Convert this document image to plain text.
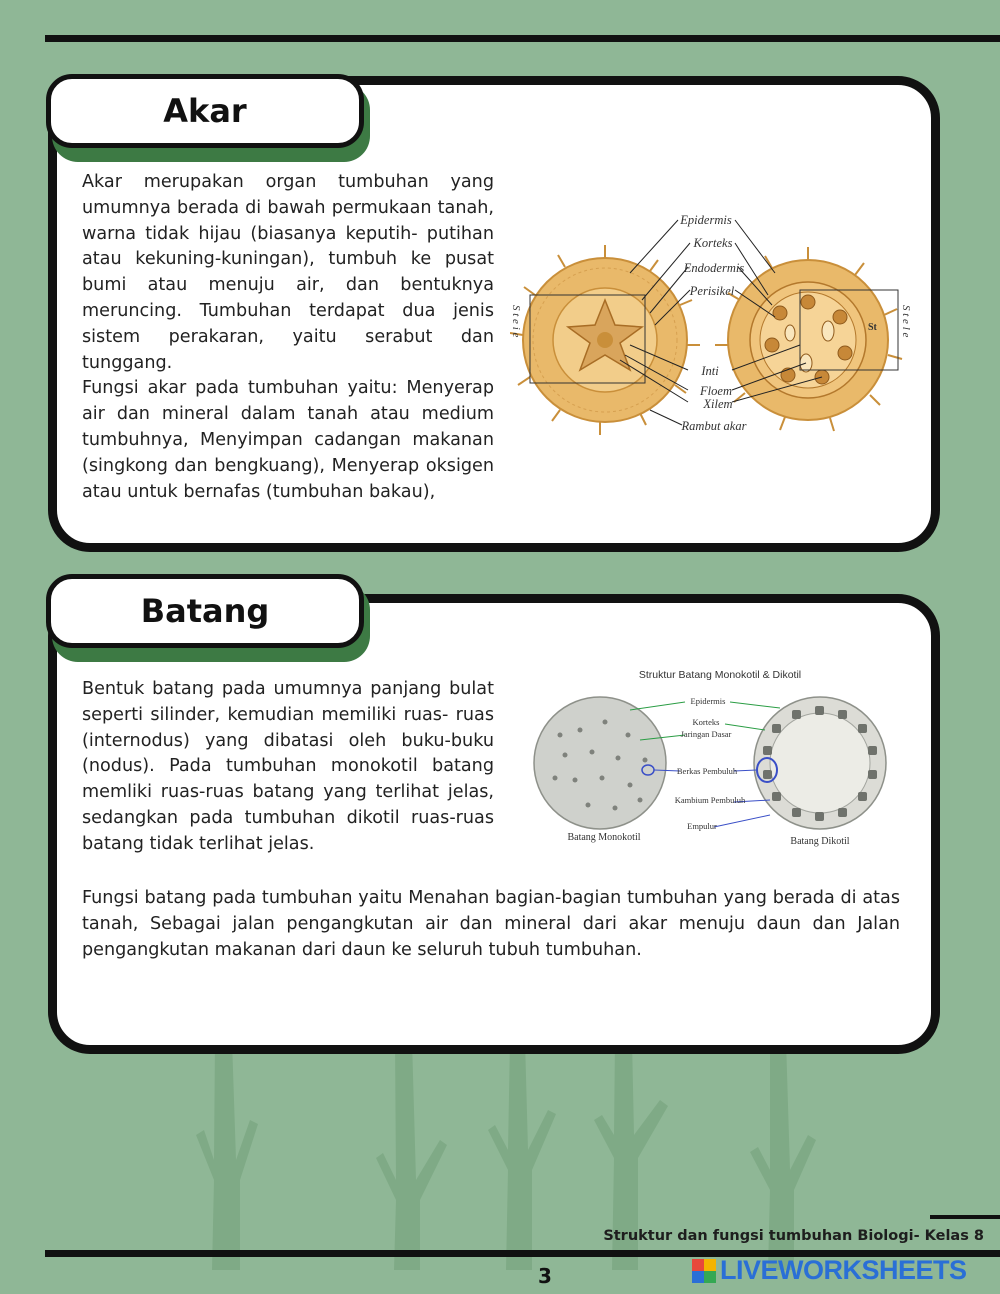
Akar
Akar merupakan organ tumbuhan yang umumnya berada di bawah permukaan tanah, warna tidak hijau (biasanya keputih- putihan atau kekuning-kuningan), tumbuh ke pusat bumi atau menuju air, dan bentuknya meruncing. Tumbuhan terdapat dua jenis sistem perakaran, yaitu serabut dan tunggang.
Fungsi akar pada tumbuhan yaitu: Menyerap air dan mineral dalam tanah atau medium tumbuhnya, Menyimpan cadangan makanan (singkong dan bengkuang), Menyerap oksigen atau untuk bernafas (tumbuhan bakau),
Epidermis
Korteks
Endodermis
Perisikel
Inti
Floem
Xilem
Rambut akar
S t e i e	S t e l e
St
Batang
Bentuk batang pada umumnya panjang bulat seperti silinder, kemudian memiliki ruas- ruas (internodus) yang dibatasi oleh buku-buku (nodus). Pada tumbuhan monokotil batang memliki ruas-ruas batang yang terlihat jelas, sedangkan pada tumbuhan dikotil ruas-ruas batang tidak terlihat jelas.
Fungsi batang pada tumbuhan yaitu Menahan bagian-bagian tumbuhan yang berada di atas tanah, Sebagai jalan pengangkutan air dan mineral dari akar menuju daun dan Jalan pengangkutan makanan dari daun ke seluruh tubuh tumbuhan.
Struktur Batang Monokotil & Dikotil
Epidermis
Korteks
Jaringan Dasar
Berkas Pembuluh
Kambium Pembuluh
Empulur
Batang Monokotil	Batang Dikotil
Struktur dan fungsi tumbuhan Biologi- Kelas 8
3	LIVEWORKSHEETS
